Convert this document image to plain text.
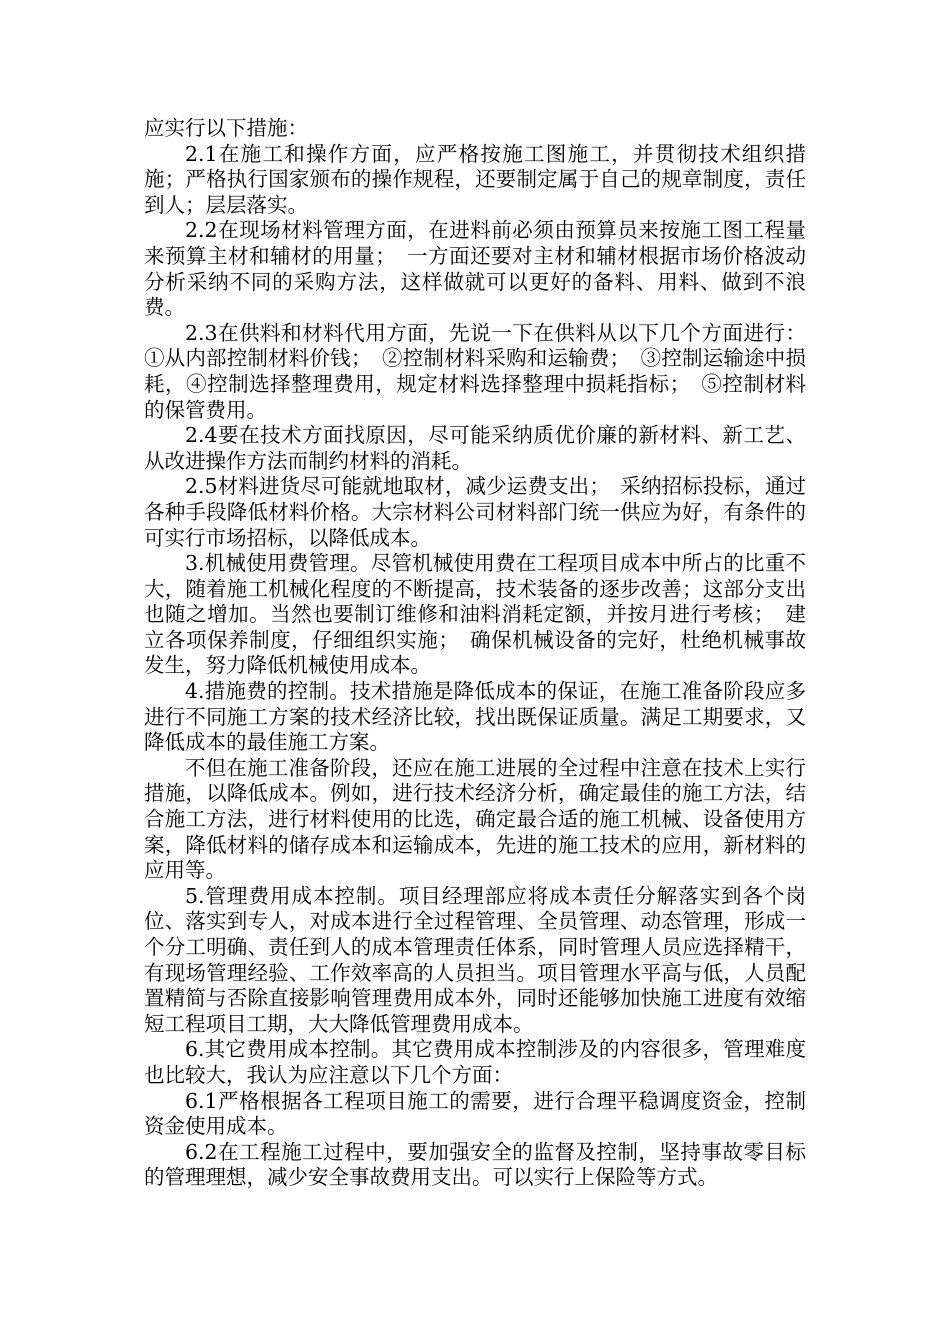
应实行以下措施：

2.1在施工和操作方面，应严格按施工图施工，并贯彻技术组织措施；严格执行国家颁布的操作规程，还要制定属于自己的规章制度，责任到人；层层落实。

2.2在现场材料管理方面，在进料前必须由预算员来按施工图工程量来预算主材和辅材的用量；　一方面还要对主材和辅材根据市场价格波动分析采纳不同的采购方法，这样做就可以更好的备料、用料、做到不浪费。

2.3在供料和材料代用方面，先说一下在供料从以下几个方面进行：①从内部控制材料价钱；　②控制材料采购和运输费；　③控制运输途中损耗，④控制选择整理费用，规定材料选择整理中损耗指标；　⑤控制材料的保管费用。

2.4要在技术方面找原因，尽可能采纳质优价廉的新材料、新工艺、从改进操作方法而制约材料的消耗。

2.5材料进货尽可能就地取材，减少运费支出；　采纳招标投标，通过各种手段降低材料价格。大宗材料公司材料部门统一供应为好，有条件的可实行市场招标，以降低成本。

3.机械使用费管理。尽管机械使用费在工程项目成本中所占的比重不大，随着施工机械化程度的不断提高，技术装备的逐步改善；这部分支出也随之增加。当然也要制订维修和油料消耗定额，并按月进行考核；　建立各项保养制度，仔细组织实施；　确保机械设备的完好，杜绝机械事故发生，努力降低机械使用成本。

4.措施费的控制。技术措施是降低成本的保证，在施工准备阶段应多进行不同施工方案的技术经济比较，找出既保证质量。满足工期要求，又降低成本的最佳施工方案。

不但在施工准备阶段，还应在施工进展的全过程中注意在技术上实行措施，以降低成本。例如，进行技术经济分析，确定最佳的施工方法，结合施工方法，进行材料使用的比选，确定最合适的施工机械、设备使用方案，降低材料的储存成本和运输成本，先进的施工技术的应用，新材料的应用等。

5.管理费用成本控制。项目经理部应将成本责任分解落实到各个岗位、落实到专人，对成本进行全过程管理、全员管理、动态管理，形成一个分工明确、责任到人的成本管理责任体系，同时管理人员应选择精干，有现场管理经验、工作效率高的人员担当。项目管理水平高与低，人员配置精简与否除直接影响管理费用成本外，同时还能够加快施工进度有效缩短工程项目工期，大大降低管理费用成本。

6.其它费用成本控制。其它费用成本控制涉及的内容很多，管理难度也比较大，我认为应注意以下几个方面：

6.1严格根据各工程项目施工的需要，进行合理平稳调度资金，控制资金使用成本。

6.2在工程施工过程中，要加强安全的监督及控制，坚持事故零目标的管理理想，减少安全事故费用支出。可以实行上保险等方式。
